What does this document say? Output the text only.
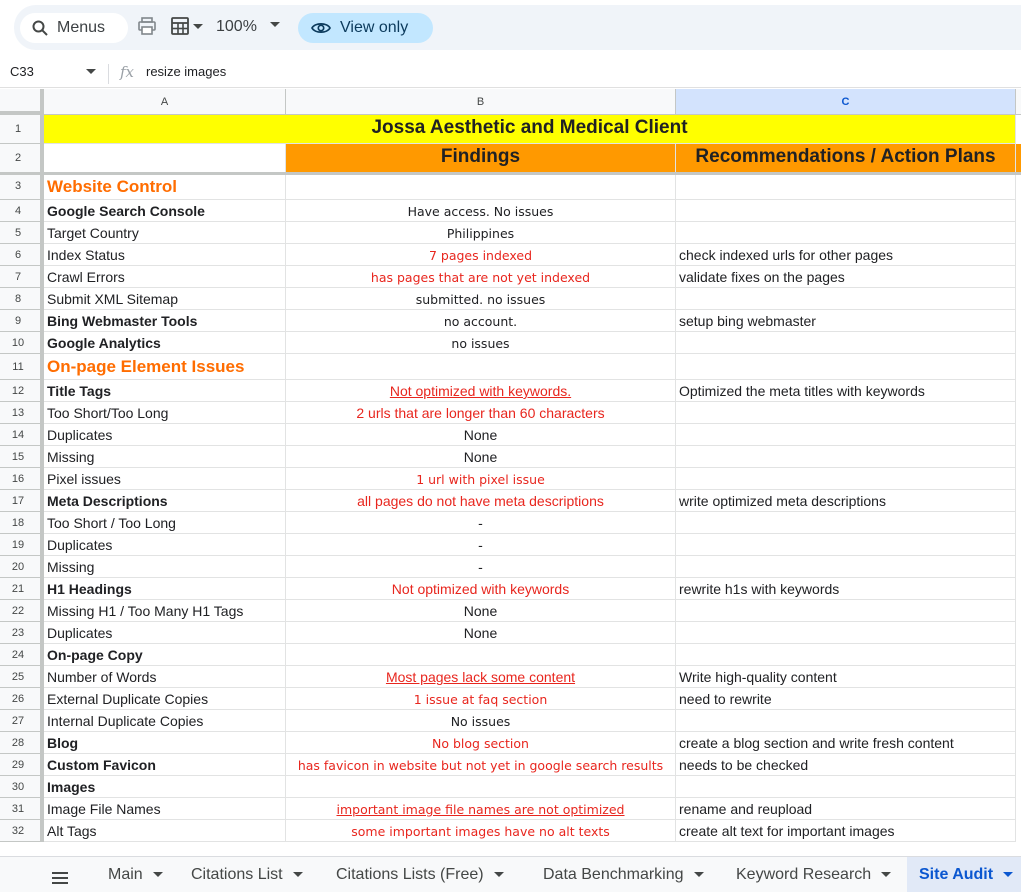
Menus	100%	View only
C33	fx resize images
A	B	C
1	Jossa Aesthetic and Medical Client
2	Findings	Recommendations / Action Plans
3	Website Control
4	Google Search Console	Have access. No issues
5	Target Country	Philippines
6	Index Status	7 pages indexed	check indexed urls for other pages
7	Crawl Errors	has pages that are not yet indexed	validate fixes on the pages
8	Submit XML Sitemap	submitted. no issues
9	Bing Webmaster Tools	no account.	setup bing webmaster
10	Google Analytics	no issues
11	On-page Element Issues
12	Title Tags	Not optimized with keywords.	Optimized the meta titles with keywords
13	Too Short/Too Long	2 urls that are longer than 60 characters
14	Duplicates	None
15	Missing	None
16	Pixel issues	1 url with pixel issue
17	Meta Descriptions	all pages do not have meta descriptions	write optimized meta descriptions
18	Too Short / Too Long	-
19	Duplicates	-
20	Missing	-
21	H1 Headings	Not optimized with keywords	rewrite h1s with keywords
22	Missing H1 / Too Many H1 Tags	None
23	Duplicates	None
24	On-page Copy
25	Number of Words	Most pages lack some content	Write high-quality content
26	External Duplicate Copies	1 issue at faq section	need to rewrite
27	Internal Duplicate Copies	No issues
28	Blog	No blog section	create a blog section and write fresh content
29	Custom Favicon	has favicon in website but not yet in google search results	needs to be checked
30	Images
31	Image File Names	important image file names are not optimized	rename and reupload
32	Alt Tags	some important images have no alt texts	create alt text for important images
Main	Citations List	Citations Lists (Free)	Data Benchmarking	Keyword Research	Site Audit
